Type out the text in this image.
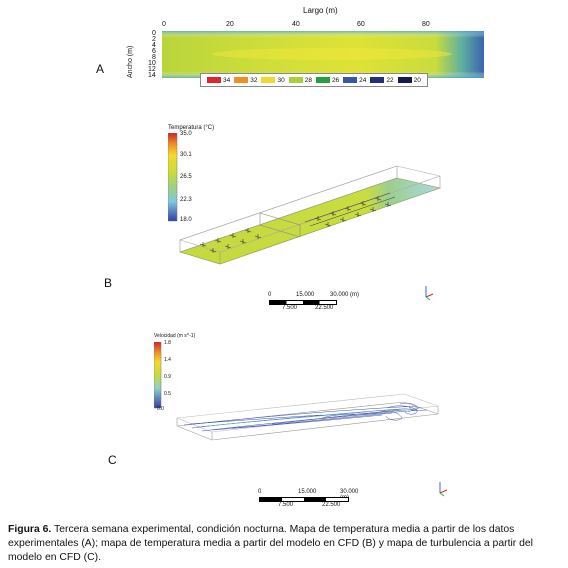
A
Largo (m)
0	20	40	60	80
Ancho (m)
0
2
4
6
8
10
12
14
34	32	30	28	26	24	22	20
B
Temperatura (°C)
35.0
30.1
26.5
22.3
18.0
0	15.000	30.000 (m)
7.500	22.500
C
Velocidad (m s^-1)
1.8
1.4
0.9
0.5
0.0
0	15.000	30.000
7.500	22.500
Figura 6. Tercera semana experimental, condición nocturna. Mapa de temperatura media a partir de los datos experimentales (A); mapa de temperatura media a partir del modelo en CFD (B) y mapa de turbulencia a partir del modelo en CFD (C).
